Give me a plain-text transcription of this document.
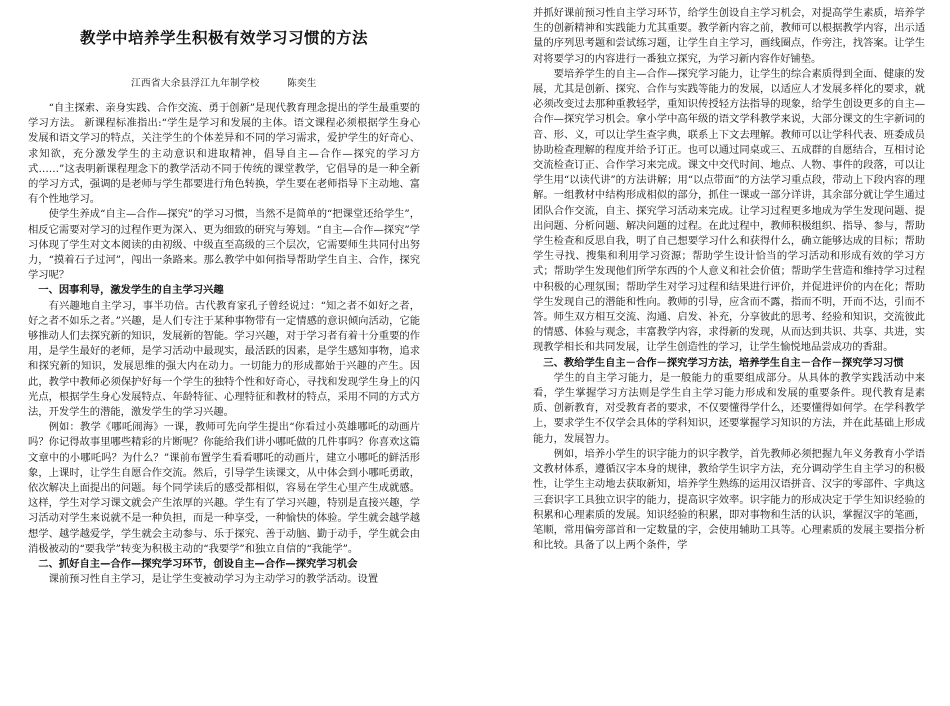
教学中培养学生积极有效学习习惯的方法
江西省大余县浮江九年制学校	陈奕生

“自主探索、亲身实践、合作交流、勇于创新”是现代教育理念提出的学生最重要的学习方法。 新课程标准指出:“学生是学习和发展的主体。语文课程必须根据学生身心发展和语文学习的特点，关注学生的个体差异和不同的学习需求，爱护学生的好奇心、求知欲，充分激发学生的主动意识和进取精神，倡导自主—合作—探究的学习方式……”这表明新课程理念下的教学活动不同于传统的课堂教学，它倡导的是一种全新的学习方式，强调的是老师与学生都要进行角色转换，学生要在老师指导下主动地、富有个性地学习。

使学生养成“自主—合作—探究”的学习习惯，当然不是简单的“把课堂还给学生”，相反它需要对学习的过程作更为深入、更为细致的研究与筹划。“自主—合作—探究”学习体现了学生对文本阅读的由初级、中级直至高级的三个层次，它需要师生共同付出努力，“摸着石子过河”，闯出一条路来。那么教学中如何指导帮助学生自主、合作，探究学习呢？

一、因事利导，激发学生的自主学习兴趣

有兴趣地自主学习，事半功倍。古代教育家孔子曾经说过：“知之者不如好之者，好之者不如乐之者。”兴趣，是人们专注于某种事物带有一定情感的意识倾向活动，它能够推动人们去探究新的知识，发展新的智能。学习兴趣，对于学习者有着十分重要的作用，是学生最好的老师，是学习活动中最现实，最活跃的因素，是学生感知事物，追求和探究新的知识，发展思维的强大内在动力。一切能力的形成都始于兴趣的产生。因此，教学中教师必须保护好每一个学生的独特个性和好奇心，寻找和发现学生身上的闪光点，根据学生身心发展特点、年龄特征、心理特征和教材的特点，采用不同的方式方法，开发学生的潜能，激发学生的学习兴趣。

例如：教学《哪吒闹海》一课，教师可先向学生提出“你看过小英雄哪吒的动画片吗？你记得故事里哪些精彩的片断呢？你能给我们讲小哪吒做的几件事吗？你喜欢这篇文章中的小哪吒吗？为什么？”课前布置学生看看哪吒的动画片，建立小哪吒的鲜活形象，上课时，让学生自愿合作交流。然后，引导学生读课文，从中体会到小哪吒勇敢，依次解决上面提出的问题。每个同学读后的感受都相似，容易在学生心里产生成就感。这样，学生对学习课文就会产生浓厚的兴趣。学生有了学习兴趣，特别是直接兴趣，学习活动对学生来说就不是一种负担，而是一种享受，一种愉快的体验。学生就会越学越想学、越学越爱学，学生就会主动参与、乐于探究、善于动脑、勤于动手，学生就会由消极被动的“要我学”转变为积极主动的“我要学”和独立自信的“我能学”。

二、抓好自主—合作—探究学习环节，创设自主—合作—探究学习机会

课前预习性自主学习，是让学生变被动学习为主动学习的教学活动。设置

并抓好课前预习性自主学习环节，给学生创设自主学习机会，对提高学生素质，培养学生的创新精神和实践能力尤其重要。教学新内容之前，教师可以根据教学内容，出示适量的序列思考题和尝试练习题，让学生自主学习，画线圈点，作旁注，找答案。让学生对将要学习的内容进行一番独立探究，为学习新内容作好铺垫。

要培养学生的自主—合作—探究学习能力，让学生的综合素质得到全面、健康的发展，尤其是创新、探究、合作与实践等能力的发展，以适应人才发展多样化的要求，就必须改变过去那种重教轻学，重知识传授轻方法指导的现象，给学生创设更多的自主—合作—探究学习机会。拿小学中高年级的语文学科教学来说，大部分课文的生字新词的音、形、义，可以让学生查字典，联系上下文去理解。教师可以让学科代表、班委成员协助检查理解的程度并给予订正。也可以通过同桌或三、五成群的自愿结合，互相讨论交流检查订正、合作学习来完成。课文中交代时间、地点、人物、事件的段落，可以让学生用“以读代讲”的方法讲解；用“以点带面”的方法学习重点段，带动上下段内容的理解。一组教材中结构形成相似的部分，抓住一课或一部分详讲，其余部分就让学生通过团队合作交流，自主、探究学习活动来完成。让学习过程更多地成为学生发现问题、提出问题、分析问题、解决问题的过程。在此过程中，教师积极组织、指导、参与，帮助学生检查和反思自我，明了自己想要学习什么和获得什么，确立能够达成的目标；帮助学生寻找、搜集和利用学习资源；帮助学生设计恰当的学习活动和形成有效的学习方式；帮助学生发现他们所学东西的个人意义和社会价值；帮助学生营造和维持学习过程中积极的心理氛围；帮助学生对学习过程和结果进行评价，并促进评价的内在化；帮助学生发现自己的潜能和性向。教师的引导，应含而不露，指而不明，开而不达，引而不答。师生双方相互交流、沟通、启发、补充，分享彼此的思考、经验和知识，交流彼此的情感、体验与观念，丰富教学内容，求得新的发现，从而达到共识、共享、共进，实现教学相长和共同发展，让学生创造性的学习，让学生愉悦地品尝成功的香甜。

三、教给学生自主－合作－探究学习方法，培养学生自主－合作－探究学习习惯

学生的自主学习能力，是一般能力的重要组成部分。从具体的教学实践活动中来看，学生掌握学习方法则是学生自主学习能力形成和发展的重要条件。现代教育是素质、创新教育，对受教育者的要求，不仅要懂得学什么，还要懂得如何学。在学科教学上，要求学生不仅学会具体的学科知识，还要掌握学习知识的方法，并在此基础上形成能力，发展智力。

例如，培养小学生的识字能力的识字教学，首先教师必须把握九年义务教育小学语文教材体系，遵循汉字本身的规律，教给学生识字方法，充分调动学生自主学习的积极性，让学生主动地去获取新知，培养学生熟练的运用汉语拼音、汉字的零部件、字典这三套识字工具独立识字的能力，提高识字效率。识字能力的形成决定于学生知识经验的积累和心理素质的发展。知识经验的积累，即对事物和生活的认识，掌握汉字的笔画，笔顺，常用偏旁部首和一定数量的字，会使用辅助工具等。心理素质的发展主要指分析和比较。具备了以上两个条件，学
